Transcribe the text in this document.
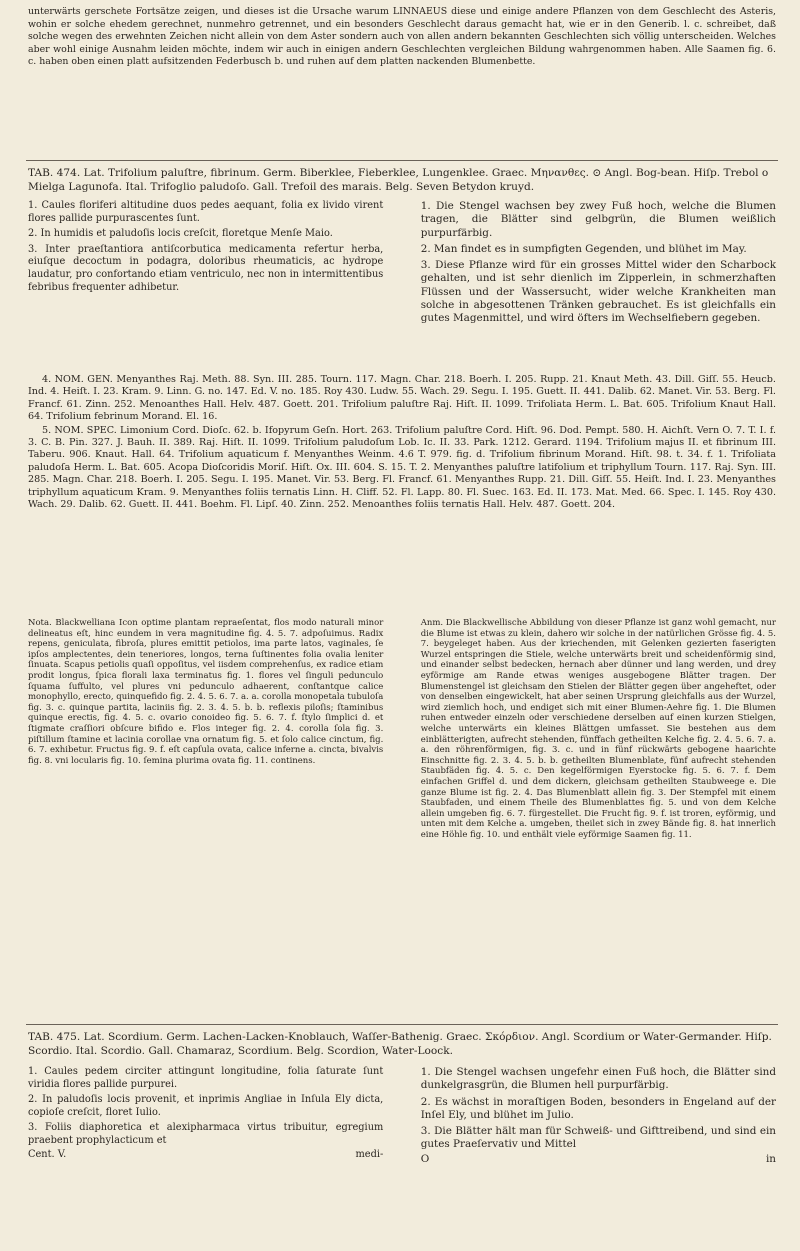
unterwärts gerschete Fortsätze zeigen, und dieses ist die Ursache warum LINNAEUS diese und einige andere Pflanzen von dem Geschlecht des Asteris, wohin er solche ehedem gerechnet, nunmehro getrennet, und ein besonders Geschlecht daraus gemacht hat, wie er in den Generib. l. c. schreibet, daß solche wegen des erwehnten Zeichen nicht allein von dem Aster sondern auch von allen andern bekannten Geschlechten sich völlig unterscheiden. Welches aber wohl einige Ausnahm leiden möchte, indem wir auch in einigen andern Geschlechten vergleichen Bildung wahrgenommen haben. Alle Saamen fig. 6. c. haben oben einen platt aufsitzenden Federbusch b. und ruhen auf dem platten nackenden Blumenbette.

TAB. 474. Lat. Trifolium paluſtre, fibrinum. Germ. Biberklee, Fieberklee, Lungenklee. Graec. Μηνανθες. ⊙ Angl. Bog-bean. Hiſp. Trebol o Mielga Lagunofa. Ital. Trifoglio paludoſo. Gall. Trefoil des marais. Belg. Seven Betydon kruyd.

1. Caules floriferi altitudine duos pedes aequant, folia ex livido virent flores pallide purpurascentes ſunt.

2. In humidis et paludoſis locis creſcit, floretque Menſe Maio.

3. Inter praeſtantiora antiſcorbutica medicamenta refertur herba, eiuſque decoctum in podagra, doloribus rheumaticis, ac hydrope laudatur, pro confortando etiam ventriculo, nec non in intermittentibus febribus frequenter adhibetur.

1. Die Stengel wachsen bey zwey Fuß hoch, welche die Blumen tragen, die Blätter sind gelbgrün, die Blumen weißlich purpurfärbig.

2. Man findet es in sumpfigten Gegenden, und blühet im May.

3. Diese Pflanze wird für ein grosses Mittel wider den Scharbock gehalten, und ist sehr dienlich im Zipperlein, in schmerzhaften Flüssen und der Wassersucht, wider welche Krankheiten man solche in abgesottenen Tränken gebrauchet. Es ist gleichfalls ein gutes Magenmittel, und wird öfters im Wechselfiebern gegeben.

4. NOM. GEN. Menyanthes Raj. Meth. 88. Syn. III. 285. Tourn. 117. Magn. Char. 218. Boerh. I. 205. Rupp. 21. Knaut Meth. 43. Dill. Giſſ. 55. Heucb. Ind. 4. Heiſt. I. 23. Kram. 9. Linn. G. no. 147. Ed. V. no. 185. Roy 430. Ludw. 55. Wach. 29. Segu. I. 195. Guett. II. 441. Dalib. 62. Manet. Vir. 53. Berg. Fl. Francf. 61. Zinn. 252. Menoanthes Hall. Helv. 487. Goett. 201. Trifolium paluſtre Raj. Hiſt. II. 1099. Trifoliata Herm. L. Bat. 605. Trifolium Knaut Hall. 64. Trifolium febrinum Morand. El. 16.

5. NOM. SPEC. Limonium Cord. Dioſc. 62. b. Ifopyrum Geſn. Hort. 263. Trifolium paluſtre Cord. Hiſt. 96. Dod. Pempt. 580. H. Aichſt. Vern O. 7. T. I. f. 3. C. B. Pin. 327. J. Bauh. II. 389. Raj. Hiſt. II. 1099. Trifolium paludoſum Lob. Ic. II. 33. Park. 1212. Gerard. 1194. Trifolium majus II. et fibrinum III. Taberu. 906. Knaut. Hall. 64. Trifolium aquaticum f. Menyanthes Weinm. 4.6 T. 979. fig. d. Trifolium fibrinum Morand. Hiſt. 98. t. 34. f. 1. Trifoliata paludoſa Herm. L. Bat. 605. Acopa Dioſcoridis Moriſ. Hiſt. Ox. III. 604. S. 15. T. 2. Menyanthes paluſtre latifolium et triphyllum Tourn. 117. Raj. Syn. III. 285. Magn. Char. 218. Boerh. I. 205. Segu. I. 195. Manet. Vir. 53. Berg. Fl. Francf. 61. Menyanthes Rupp. 21. Dill. Giſſ. 55. Heiſt. Ind. I. 23. Menyanthes triphyllum aquaticum Kram. 9. Menyanthes foliis ternatis Linn. H. Cliff. 52. Fl. Lapp. 80. Fl. Suec. 163. Ed. II. 173. Mat. Med. 66. Spec. I. 145. Roy 430. Wach. 29. Dalib. 62. Guett. II. 441. Boehm. Fl. Lipſ. 40. Zinn. 252. Menoanthes foliis ternatis Hall. Helv. 487. Goett. 204.

Nota. Blackwelliana Icon optime plantam repraeſentat, flos modo naturali minor delineatus eſt, hinc eundem in vera magnitudine fig. 4. 5. 7. adpoſuimus. Radix repens, geniculata, fibroſa, plures emittit petiolos, ima parte latos, vaginales, ſe ipſos amplectentes, dein teneriores, longos, terna ſuſtinentes folia ovalia leniter ſinuata. Scapus petiolis quaſi oppoſitus, vel iisdem comprehenſus, ex radice etiam prodit longus, ſpica florali laxa terminatus fig. 1. flores vel ſinguli pedunculo ſquama ſuffulto, vel plures vni pedunculo adhaerent, conſtantque calice monophyllo, erecto, quinquefido fig. 2. 4. 5. 6. 7. a. a. corolla monopetala tubuloſa fig. 3. c. quinque partita, laciniis fig. 2. 3. 4. 5. b. b. reflexis piloſis; ſtaminibus quinque erectis, fig. 4. 5. c. ovario conoideo fig. 5. 6. 7. f. ſtylo ſimplici d. et ſtigmate craſſiori obſcure bifido e. Flos integer fig. 2. 4. corolla ſola fig. 3. piſtillum ſtamine et lacinia corollae vna ornatum fig. 5. et ſolo calice cinctum, fig. 6. 7. exhibetur. Fructus fig. 9. f. eſt capſula ovata, calice inferne a. cincta, bivalvis fig. 8. vni locularis fig. 10. ſemina plurima ovata fig. 11. continens.

Anm. Die Blackwellische Abbildung von dieser Pflanze ist ganz wohl gemacht, nur die Blume ist etwas zu klein, dahero wir solche in der natürlichen Grösse fig. 4. 5. 7. beygeleget haben. Aus der kriechenden, mit Gelenken gezierten faserigten Wurzel entspringen die Stiele, welche unterwärts breit und scheidenförmig sind, und einander selbst bedecken, hernach aber dünner und lang werden, und drey eyförmige am Rande etwas weniges ausgebogene Blätter tragen. Der Blumenstengel ist gleichsam den Stielen der Blätter gegen über angeheftet, oder von denselben eingewickelt, hat aber seinen Ursprung gleichfalls aus der Wurzel, wird ziemlich hoch, und endiget sich mit einer Blumen-Aehre fig. 1. Die Blumen ruhen entweder einzeln oder verschiedene derselben auf einen kurzen Stielgen, welche unterwärts ein kleines Blättgen umfasset. Sie bestehen aus dem einblätterigten, aufrecht stehenden, fünffach getheilten Kelche fig. 2. 4. 5. 6. 7. a. a. den röhrenförmigen, fig. 3. c. und in fünf rückwärts gebogene haarichte Einschnitte fig. 2. 3. 4. 5. b. b. getheilten Blumenblate, fünf aufrecht stehenden Staubfäden fig. 4. 5. c. Den kegelförmigen Eyerstocke fig. 5. 6. 7. f. Dem einfachen Griffel d. und dem dickern, gleichsam getheilten Staubweege e. Die ganze Blume ist fig. 2. 4. Das Blumenblatt allein fig. 3. Der Stempfel mit einem Staubfaden, und einem Theile des Blumenblattes fig. 5. und von dem Kelche allein umgeben fig. 6. 7. fürgestellet. Die Frucht fig. 9. f. ist troren, eyförmig, und unten mit dem Kelche a. umgeben, theilet sich in zwey Bände fig. 8. hat innerlich eine Höhle fig. 10. und enthält viele eyförmige Saamen fig. 11.

TAB. 475. Lat. Scordium. Germ. Lachen-Lacken-Knoblauch, Waſſer-Bathenig. Graec. Σκόρδιον. Angl. Scordium or Water-Germander. Hiſp. Scordio. Ital. Scordio. Gall. Chamaraz, Scordium. Belg. Scordion, Water-Loock.

1. Caules pedem circiter attingunt longitudine, folia ſaturate ſunt viridia flores pallide purpurei.

2. In paludoſis locis provenit, et inprimis Angliae in Inſula Ely dicta, copioſe creſcit, floret Iulio.

3. Foliis diaphoretica et alexipharmaca virtus tribuitur, egregium praebent prophylacticum et

Cent. V.	medi-

1. Die Stengel wachsen ungefehr einen Fuß hoch, die Blätter sind dunkelgrasgrün, die Blumen hell purpurfärbig.

2. Es wächst in moraſtigen Boden, besonders in Engeland auf der Inſel Ely, und blühet im Julio.

3. Die Blätter hält man für Schweiß- und Gifttreibend, und sind ein gutes Praeſervativ und Mittel

O	in
